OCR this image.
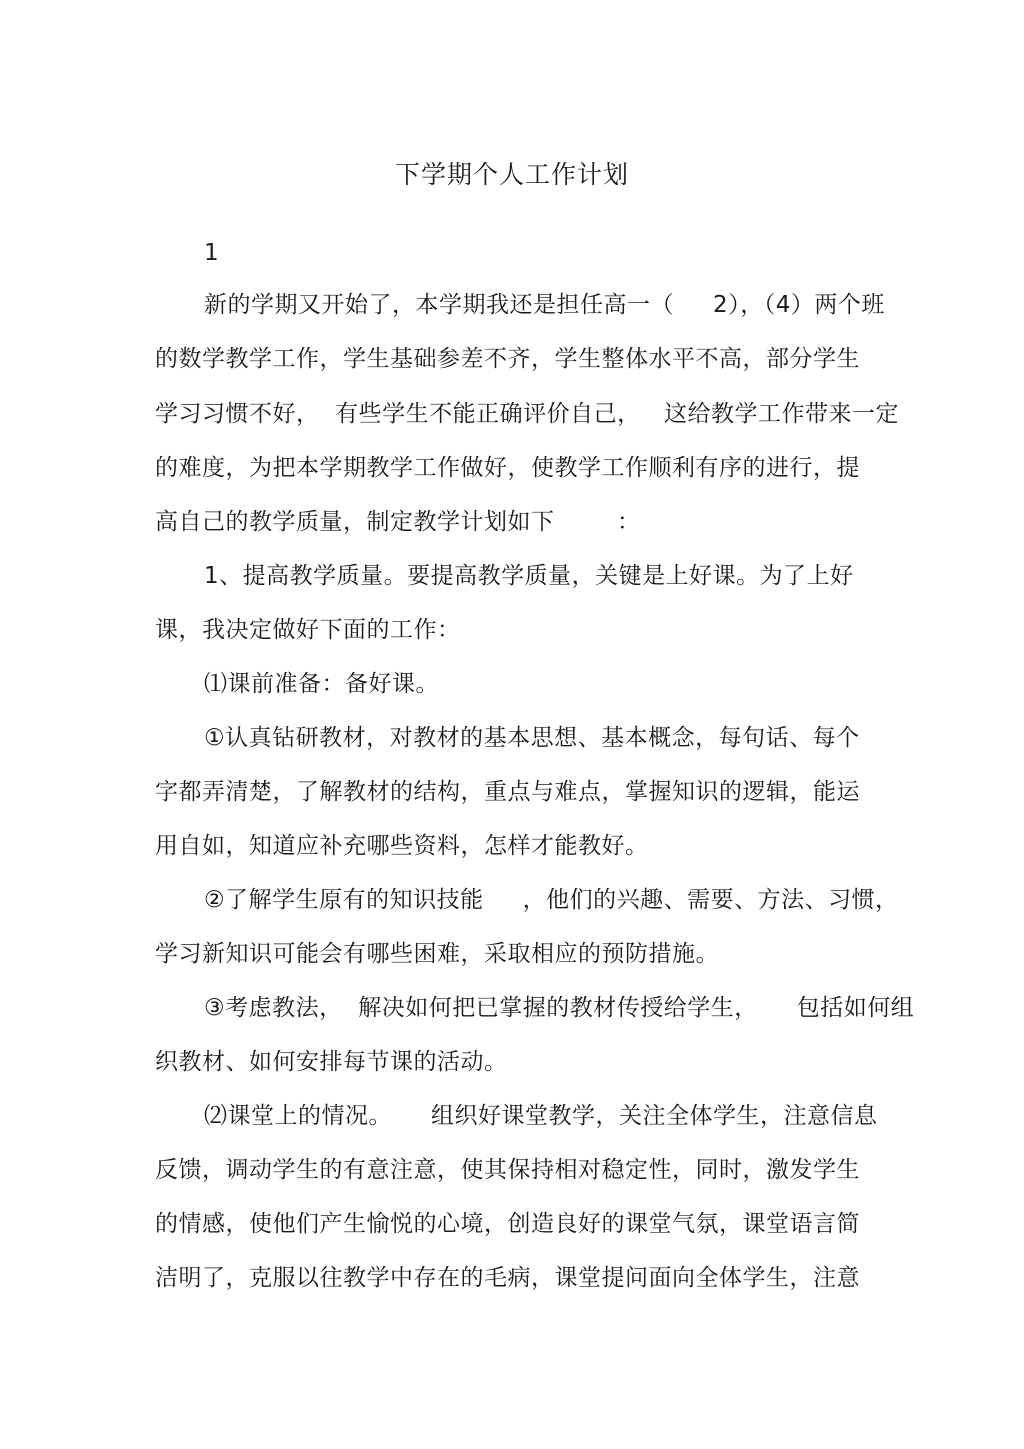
下学期个人工作计划
1
新的学期又开始了，本学期我还是担任高一（     2），（4）两个班
的数学教学工作，学生基础参差不齐，学生整体水平不高，部分学生
学习习惯不好，  有些学生不能正确评价自己，   这给教学工作带来一定
的难度，为把本学期教学工作做好，使教学工作顺利有序的进行，提
高自己的教学质量，制定教学计划如下        ：
1、提高教学质量。要提高教学质量，关键是上好课。为了上好
课，我决定做好下面的工作：
⑴课前准备：备好课。
①认真钻研教材，对教材的基本思想、基本概念，每句话、每个
字都弄清楚，了解教材的结构，重点与难点，掌握知识的逻辑，能运
用自如，知道应补充哪些资料，怎样才能教好。
②了解学生原有的知识技能     ，他们的兴趣、需要、方法、习惯，
学习新知识可能会有哪些困难，采取相应的预防措施。
③考虑教法，  解决如何把已掌握的教材传授给学生，     包括如何组
织教材、如何安排每节课的活动。
⑵课堂上的情况。     组织好课堂教学，关注全体学生，注意信息
反馈，调动学生的有意注意，使其保持相对稳定性，同时，激发学生
的情感，使他们产生愉悦的心境，创造良好的课堂气氛，课堂语言简
洁明了，克服以往教学中存在的毛病，课堂提问面向全体学生，注意
